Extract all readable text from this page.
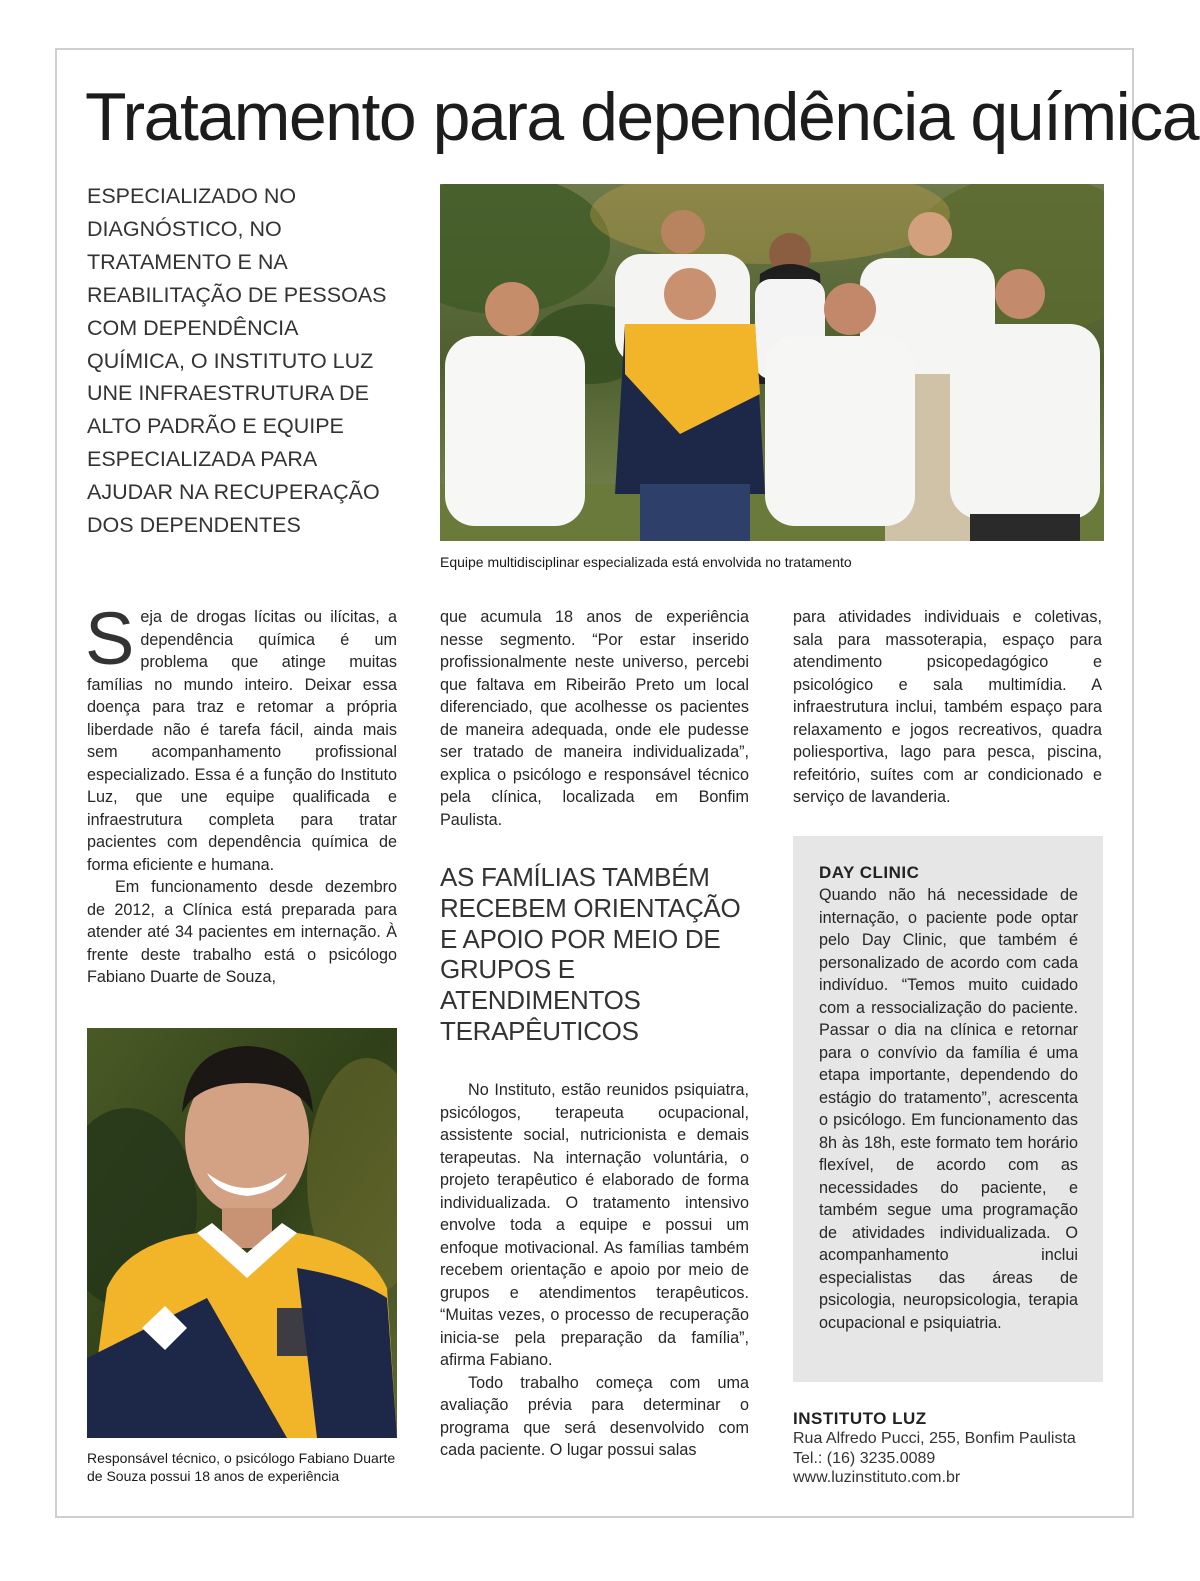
Tratamento para dependência química

ESPECIALIZADO NO DIAGNÓSTICO, NO TRATAMENTO E NA REABILITAÇÃO DE PESSOAS COM DEPENDÊNCIA QUÍMICA, O INSTITUTO LUZ UNE INFRAESTRUTURA DE ALTO PADRÃO E EQUIPE ESPECIALIZADA PARA AJUDAR NA RECUPERAÇÃO DOS DEPENDENTES

Equipe multidisciplinar especializada está envolvida no tratamento

Seja de drogas lícitas ou ilícitas, a dependência química é um problema que atinge muitas famílias no mundo inteiro. Deixar essa doença para traz e retomar a própria liberdade não é tarefa fácil, ainda mais sem acompanhamento profissional especializado. Essa é a função do Instituto Luz, que une equipe qualificada e infraestrutura completa para tratar pacientes com dependência química de forma eficiente e humana.

Em funcionamento desde dezembro de 2012, a Clínica está preparada para atender até 34 pacientes em internação. À frente deste trabalho está o psicólogo Fabiano Duarte de Souza,

Responsável técnico, o psicólogo Fabiano Duarte de Souza possui 18 anos de experiência

que acumula 18 anos de experiência nesse segmento. “Por estar inserido profissionalmente neste universo, percebi que faltava em Ribeirão Preto um local diferenciado, que acolhesse os pacientes de maneira adequada, onde ele pudesse ser tratado de maneira individualizada”, explica o psicólogo e responsável técnico pela clínica, localizada em Bonfim Paulista.

AS FAMÍLIAS TAMBÉM RECEBEM ORIENTAÇÃO E APOIO POR MEIO DE GRUPOS E ATENDIMENTOS TERAPÊUTICOS

No Instituto, estão reunidos psiquiatra, psicólogos, terapeuta ocupacional, assistente social, nutricionista e demais terapeutas. Na internação voluntária, o projeto terapêutico é elaborado de forma individualizada. O tratamento intensivo envolve toda a equipe e possui um enfoque motivacional. As famílias também recebem orientação e apoio por meio de grupos e atendimentos terapêuticos. “Muitas vezes, o processo de recuperação inicia-se pela preparação da família”, afirma Fabiano.

Todo trabalho começa com uma avaliação prévia para determinar o programa que será desenvolvido com cada paciente. O lugar possui salas

para atividades individuais e coletivas, sala para massoterapia, espaço para atendimento psicopedagógico e psicológico e sala multimídia. A infraestrutura inclui, também espaço para relaxamento e jogos recreativos, quadra poliesportiva, lago para pesca, piscina, refeitório, suítes com ar condicionado e serviço de lavanderia.

DAY CLINIC
Quando não há necessidade de internação, o paciente pode optar pelo Day Clinic, que também é personalizado de acordo com cada indivíduo. “Temos muito cuidado com a ressocialização do paciente. Passar o dia na clínica e retornar para o convívio da família é uma etapa importante, dependendo do estágio do tratamento”, acrescenta o psicólogo. Em funcionamento das 8h às 18h, este formato tem horário flexível, de acordo com as necessidades do paciente, e também segue uma programação de atividades individualizada. O acompanhamento inclui especialistas das áreas de psicologia, neuropsicologia, terapia ocupacional e psiquiatria.
INSTITUTO LUZ
Rua Alfredo Pucci, 255, Bonfim Paulista
Tel.: (16) 3235.0089
www.luzinstituto.com.br
